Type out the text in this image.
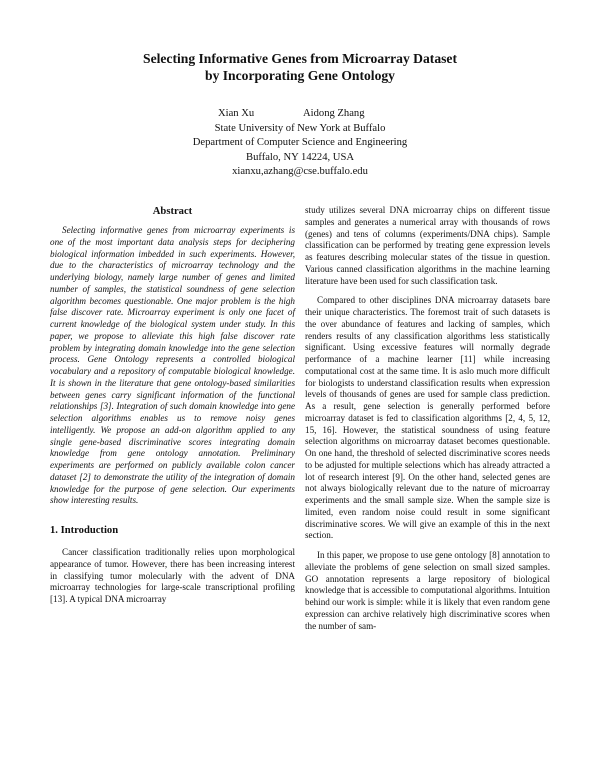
Selecting Informative Genes from Microarray Dataset
by Incorporating Gene Ontology
Xian Xu	Aidong Zhang
State University of New York at Buffalo
Department of Computer Science and Engineering
Buffalo, NY 14224, USA
xianxu,azhang@cse.buffalo.edu
Abstract

Selecting informative genes from microarray experiments is one of the most important data analysis steps for deciphering biological information imbedded in such experiments. However, due to the characteristics of microarray technology and the underlying biology, namely large number of genes and limited number of samples, the statistical soundness of gene selection algorithm becomes questionable. One major problem is the high false discover rate. Microarray experiment is only one facet of current knowledge of the biological system under study. In this paper, we propose to alleviate this high false discover rate problem by integrating domain knowledge into the gene selection process. Gene Ontology represents a controlled biological vocabulary and a repository of computable biological knowledge. It is shown in the literature that gene ontology-based similarities between genes carry significant information of the functional relationships [3]. Integration of such domain knowledge into gene selection algorithms enables us to remove noisy genes intelligently. We propose an add-on algorithm applied to any single gene-based discriminative scores integrating domain knowledge from gene ontology annotation. Preliminary experiments are performed on publicly available colon cancer dataset [2] to demonstrate the utility of the integration of domain knowledge for the purpose of gene selection. Our experiments show interesting results.

1. Introduction

Cancer classification traditionally relies upon morphological appearance of tumor. However, there has been increasing interest in classifying tumor molecularly with the advent of DNA microarray technologies for large-scale transcriptional profiling [13]. A typical DNA microarray

study utilizes several DNA microarray chips on different tissue samples and generates a numerical array with thousands of rows (genes) and tens of columns (experiments/DNA chips). Sample classification can be performed by treating gene expression levels as features describing molecular states of the tissue in question. Various canned classification algorithms in the machine learning literature have been used for such classification task.

Compared to other disciplines DNA microarray datasets bare their unique characteristics. The foremost trait of such datasets is the over abundance of features and lacking of samples, which renders results of any classification algorithms less statistically significant. Using excessive features will normally degrade performance of a machine learner [11] while increasing computational cost at the same time. It is aslo much more difficult for biologists to understand classification results when expression levels of thousands of genes are used for sample class prediction. As a result, gene selection is generally performed before microarray dataset is fed to classification algorithms [2, 4, 5, 12, 15, 16]. However, the statistical soundness of using feature selection algorithms on microarray dataset becomes questionable. On one hand, the threshold of selected discriminative scores needs to be adjusted for multiple selections which has already attracted a lot of research interest [9]. On the other hand, selected genes are not always biologically relevant due to the nature of microarray experiments and the small sample size. When the sample size is limited, even random noise could result in some significant discriminative scores. We will give an example of this in the next section.

In this paper, we propose to use gene ontology [8] annotation to alleviate the problems of gene selection on small sized samples. GO annotation represents a large repository of biological knowledge that is accessible to computational algorithms. Intuition behind our work is simple: while it is likely that even random gene expression can archive relatively high discriminative scores when the number of sam-
